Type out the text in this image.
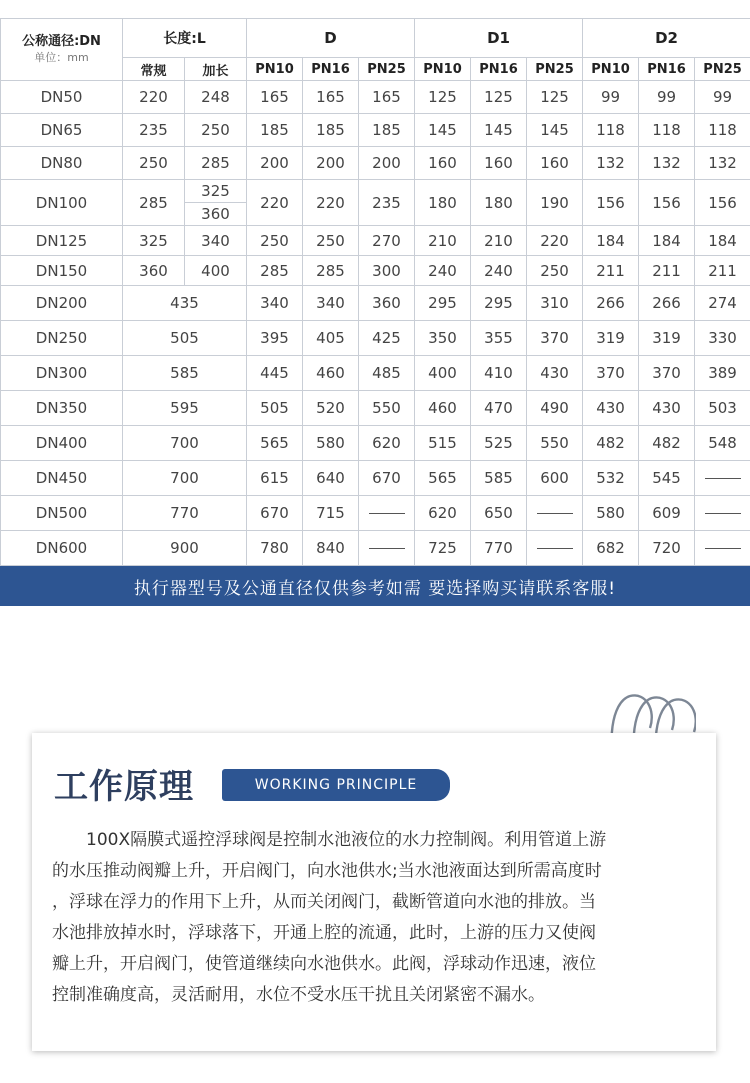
公称通径:DN
单位：mm	长度:L		D			D1			D2		
	常规	加长	PN10	PN16	PN25	PN10	PN16	PN25	PN10	PN16	PN25
DN50	220	248	165	165	165	125	125	125	99	99	99
DN65	235	250	185	185	185	145	145	145	118	118	118
DN80	250	285	200	200	200	160	160	160	132	132	132
DN100	285	325	220	220	235	180	180	190	156	156	156
		360									
DN125	325	340	250	250	270	210	210	220	184	184	184
DN150	360	400	285	285	300	240	240	250	211	211	211
DN200	435		340	340	360	295	295	310	266	266	274
DN250	505		395	405	425	350	355	370	319	319	330
DN300	585		445	460	485	400	410	430	370	370	389
DN350	595		505	520	550	460	470	490	430	430	503
DN400	700		565	580	620	515	525	550	482	482	548
DN450	700		615	640	670	565	585	600	532	545	
DN500	770		670	715		620	650		580	609	
DN600	900		780	840		725	770		682	720	
执行器型号及公通直径仅供参考如需 要选择购买请联系客服!
工作原理	WORKING PRINCIPLE
　　100X隔膜式遥控浮球阀是控制水池液位的水力控制阀。利用管道上游
的水压推动阀瓣上升，开启阀门，向水池供水;当水池液面达到所需高度时
，浮球在浮力的作用下上升，从而关闭阀门，截断管道向水池的排放。当
水池排放掉水时，浮球落下，开通上腔的流通，此时，上游的压力又使阀
瓣上升，开启阀门，使管道继续向水池供水。此阀，浮球动作迅速，液位
控制准确度高，灵活耐用，水位不受水压干扰且关闭紧密不漏水。
